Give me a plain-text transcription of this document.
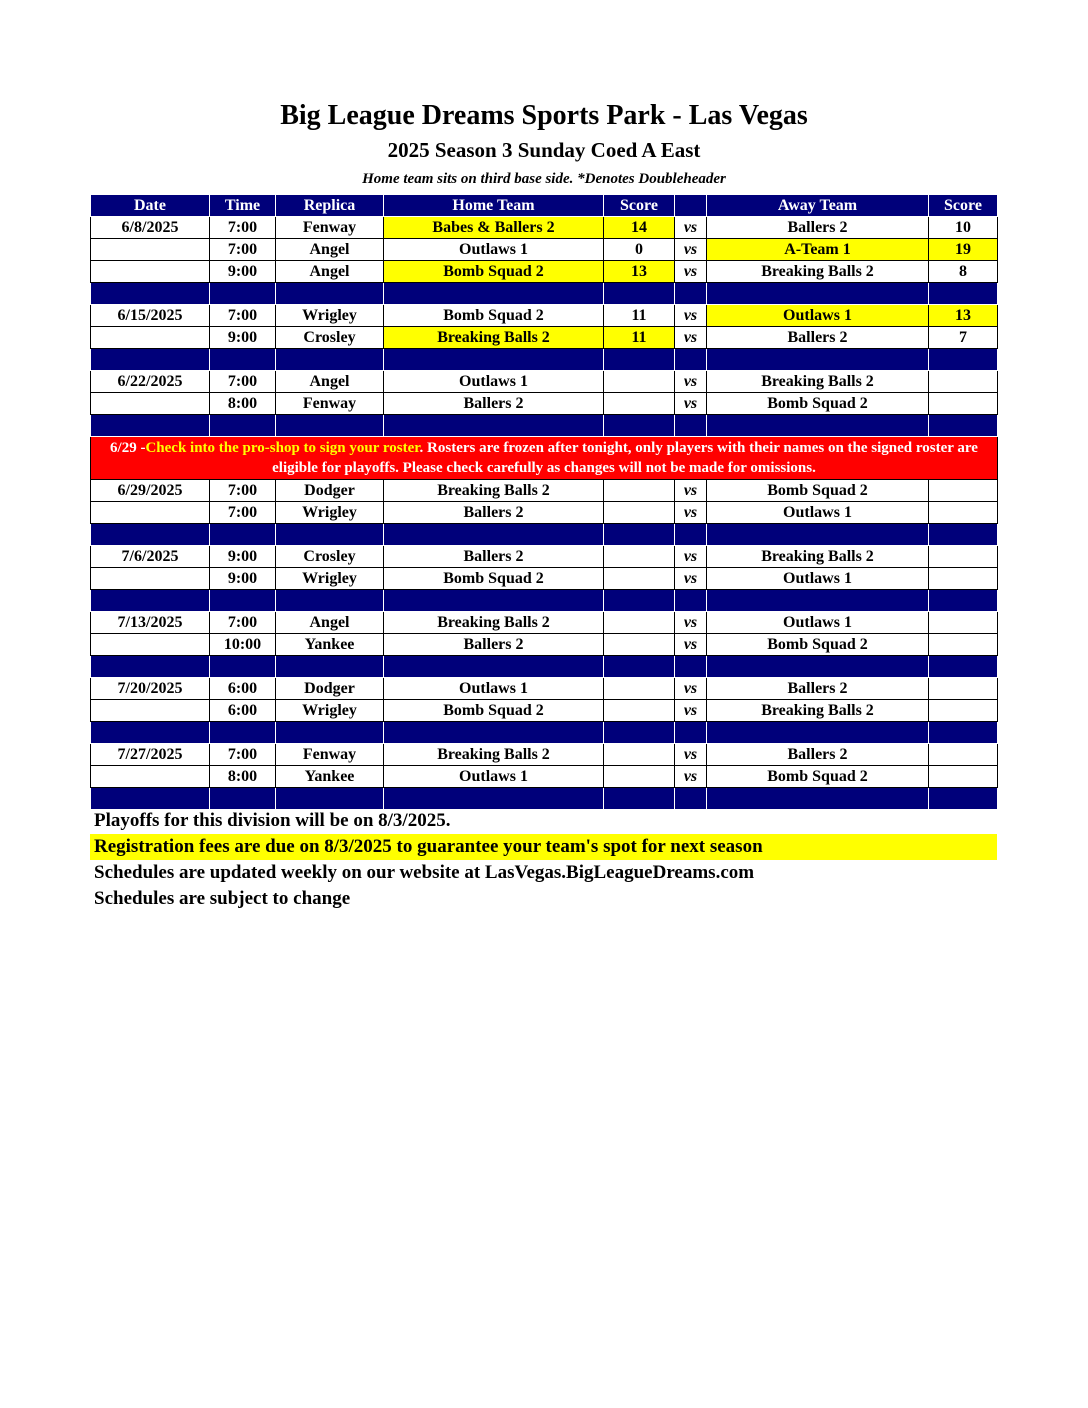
Big League Dreams Sports Park - Las Vegas
2025 Season 3 Sunday Coed A East
Home team sits on third base side. *Denotes Doubleheader
Date	Time	Replica	Home Team	Score		Away Team	Score
6/8/2025	7:00	Fenway	Babes & Ballers 2	14	vs	Ballers 2	10
	7:00	Angel	Outlaws 1	0	vs	A-Team 1	19
	9:00	Angel	Bomb Squad 2	13	vs	Breaking Balls 2	8

6/15/2025	7:00	Wrigley	Bomb Squad 2	11	vs	Outlaws 1	13
	9:00	Crosley	Breaking Balls 2	11	vs	Ballers 2	7

6/22/2025	7:00	Angel	Outlaws 1		vs	Breaking Balls 2	
	8:00	Fenway	Ballers 2		vs	Bomb Squad 2	

6/29 -Check into the pro-shop to sign your roster. Rosters are frozen after tonight, only players with their names on the signed roster are eligible for playoffs. Please check carefully as changes will not be made for omissions.							
6/29/2025	7:00	Dodger	Breaking Balls 2		vs	Bomb Squad 2	
	7:00	Wrigley	Ballers 2		vs	Outlaws 1	

7/6/2025	9:00	Crosley	Ballers 2		vs	Breaking Balls 2	
	9:00	Wrigley	Bomb Squad 2		vs	Outlaws 1	

7/13/2025	7:00	Angel	Breaking Balls 2		vs	Outlaws 1	
	10:00	Yankee	Ballers 2		vs	Bomb Squad 2	

7/20/2025	6:00	Dodger	Outlaws 1		vs	Ballers 2	
	6:00	Wrigley	Bomb Squad 2		vs	Breaking Balls 2	

7/27/2025	7:00	Fenway	Breaking Balls 2		vs	Ballers 2	
	8:00	Yankee	Outlaws 1		vs	Bomb Squad 2	

Playoffs for this division will be on 8/3/2025.
Registration fees are due on 8/3/2025 to guarantee your team's spot for next season
Schedules are updated weekly on our website at LasVegas.BigLeagueDreams.com
Schedules are subject to change
